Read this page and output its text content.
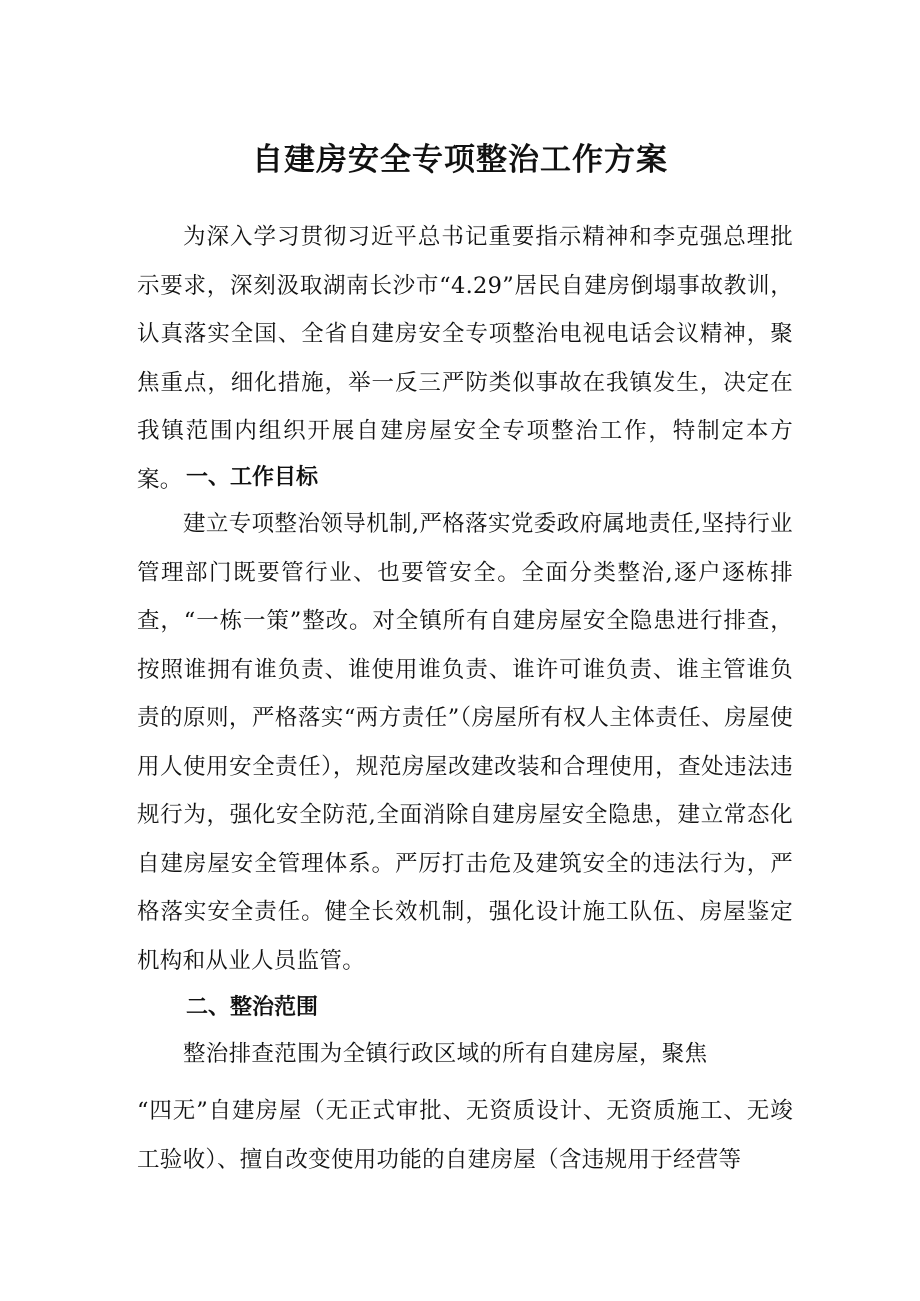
自建房安全专项整治工作方案

为深入学习贯彻习近平总书记重要指示精神和李克强总理批示要求，深刻汲取湖南长沙市“4.29”居民自建房倒塌事故教训，认真落实全国、全省自建房安全专项整治电视电话会议精神，聚焦重点，细化措施，举一反三严防类似事故在我镇发生，决定在我镇范围内组织开展自建房屋安全专项整治工作，特制定本方案。 一、工作目标

建立专项整治领导机制,严格落实党委政府属地责任,坚持行业管理部门既要管行业、也要管安全。全面分类整治,逐户逐栋排查，“一栋一策”整改。对全镇所有自建房屋安全隐患进行排查，按照谁拥有谁负责、谁使用谁负责、谁许可谁负责、谁主管谁负责的原则，严格落实“两方责任”（房屋所有权人主体责任、房屋使用人使用安全责任），规范房屋改建改装和合理使用，查处违法违规行为，强化安全防范,全面消除自建房屋安全隐患，建立常态化自建房屋安全管理体系。严厉打击危及建筑安全的违法行为，严格落实安全责任。健全长效机制，强化设计施工队伍、房屋鉴定机构和从业人员监管。

二、整治范围

整治排查范围为全镇行政区域的所有自建房屋，聚焦

“四无”自建房屋（无正式审批、无资质设计、无资质施工、无竣工验收）、擅自改变使用功能的自建房屋（含违规用于经营等
